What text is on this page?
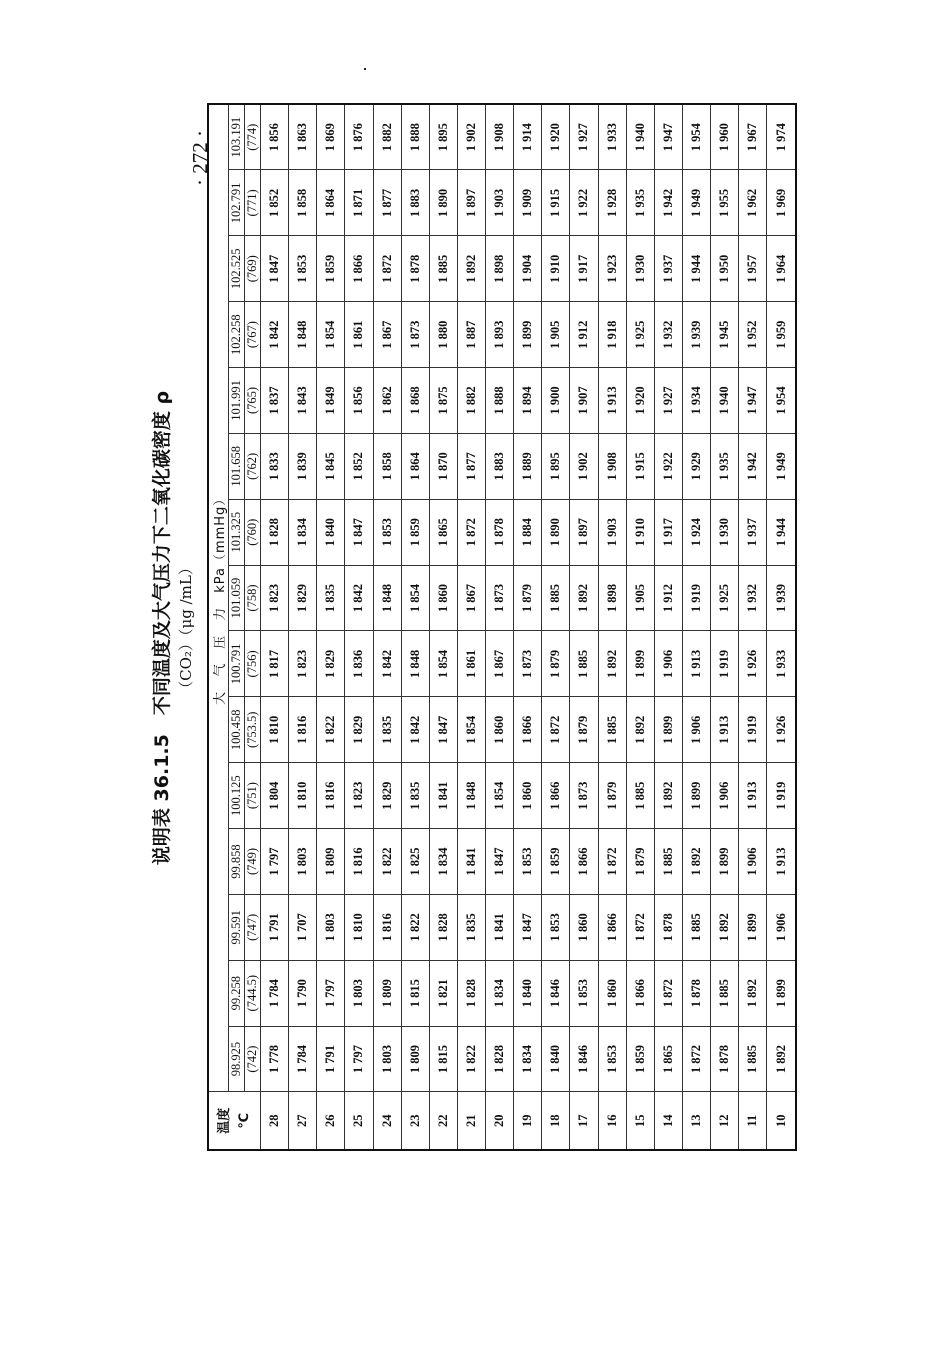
· 272 ·
说明表 36.1.5　不同温度及大气压力下二氧化碳密度 ρ （CO₂）（μg /mL）
温度 ℃	大　气　压　力　kPa（mmHg）														
	98.925	99.258	99.591	99.858	100.125	100.458	100.791	101.059	101.325	101.658	101.991	102.258	102.525	102.791	103.191
	(742)	(744.5)	(747)	(749)	(751)	(753.5)	(756)	(758)	(760)	(762)	(765)	(767)	(769)	(771)	(774)
28	1 778	1 784	1 791	1 797	1 804	1 810	1 817	1 823	1 828	1 833	1 837	1 842	1 847	1 852	1 856
27	1 784	1 790	1 707	1 803	1 810	1 816	1 823	1 829	1 834	1 839	1 843	1 848	1 853	1 858	1 863
26	1 791	1 797	1 803	1 809	1 816	1 822	1 829	1 835	1 840	1 845	1 849	1 854	1 859	1 864	1 869
25	1 797	1 803	1 810	1 816	1 823	1 829	1 836	1 842	1 847	1 852	1 856	1 861	1 866	1 871	1 876
24	1 803	1 809	1 816	1 822	1 829	1 835	1 842	1 848	1 853	1 858	1 862	1 867	1 872	1 877	1 882
23	1 809	1 815	1 822	1 825	1 835	1 842	1 848	1 854	1 859	1 864	1 868	1 873	1 878	1 883	1 888
22	1 815	1 821	1 828	1 834	1 841	1 847	1 854	1 860	1 865	1 870	1 875	1 880	1 885	1 890	1 895
21	1 822	1 828	1 835	1 841	1 848	1 854	1 861	1 867	1 872	1 877	1 882	1 887	1 892	1 897	1 902
20	1 828	1 834	1 841	1 847	1 854	1 860	1 867	1 873	1 878	1 883	1 888	1 893	1 898	1 903	1 908
19	1 834	1 840	1 847	1 853	1 860	1 866	1 873	1 879	1 884	1 889	1 894	1 899	1 904	1 909	1 914
18	1 840	1 846	1 853	1 859	1 866	1 872	1 879	1 885	1 890	1 895	1 900	1 905	1 910	1 915	1 920
17	1 846	1 853	1 860	1 866	1 873	1 879	1 885	1 892	1 897	1 902	1 907	1 912	1 917	1 922	1 927
16	1 853	1 860	1 866	1 872	1 879	1 885	1 892	1 898	1 903	1 908	1 913	1 918	1 923	1 928	1 933
15	1 859	1 866	1 872	1 879	1 885	1 892	1 899	1 905	1 910	1 915	1 920	1 925	1 930	1 935	1 940
14	1 865	1 872	1 878	1 885	1 892	1 899	1 906	1 912	1 917	1 922	1 927	1 932	1 937	1 942	1 947
13	1 872	1 878	1 885	1 892	1 899	1 906	1 913	1 919	1 924	1 929	1 934	1 939	1 944	1 949	1 954
12	1 878	1 885	1 892	1 899	1 906	1 913	1 919	1 925	1 930	1 935	1 940	1 945	1 950	1 955	1 960
11	1 885	1 892	1 899	1 906	1 913	1 919	1 926	1 932	1 937	1 942	1 947	1 952	1 957	1 962	1 967
10	1 892	1 899	1 906	1 913	1 919	1 926	1 933	1 939	1 944	1 949	1 954	1 959	1 964	1 969	1 974
